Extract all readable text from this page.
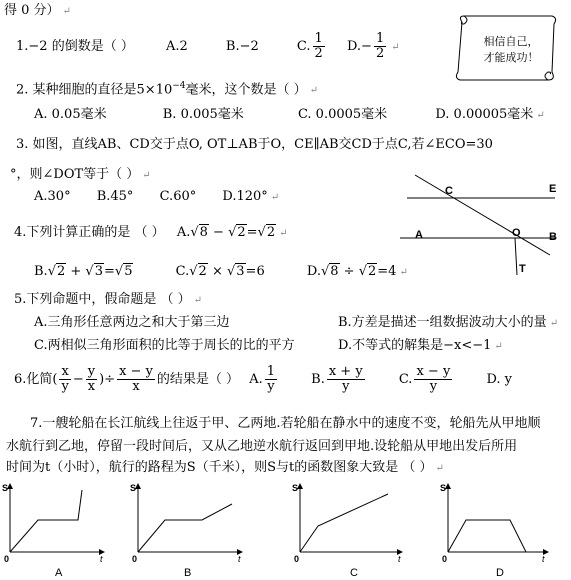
得 0 分） ↵
相信自己，
才能成功！
1.−2 的倒数是（ ） A.2	B.−2	C. $\frac{1}{2} D.- \frac{1}{2}$ ↵
2. 某种细胞的直径是$5\times 10^{-4}$毫米，这个数是（ ） ↵
A. 0.05毫米	B. 0.005毫米	C. 0.0005毫米	D. 0.00005毫米 ↵
3. 如图，直线AB、CD交于点O, OT⊥AB于O，CE∥AB交CD于点C,若∠ECO=30
°，则∠DOT等于（ ） ↵
A.30° B.45° C.60° D.120° ↵
C	E
A	O	B
T
4.下列计算正确的是 （ ） A.√8 − √2=√2 ↵
B.√2 + √3=√5	C.√2 × √3=6	D.√8 ÷ √2=4 ↵
5.下列命题中，假命题是 （ ） ↵
A.三角形任意两边之和大于第三边	B.方差是描述一组数据波动大小的量 ↵
C.两相似三角形面积的比等于周长的比的平方	D.不等式的解集是−x<−1 ↵
6.化简( $\frac{x}{y} - \frac{y}{x}$ )÷ $\frac{x - y}{x}$ 的结果是（ ） A. $\frac{1}{y}$	B. $\frac{x + y}{y}$	C. $\frac{x - y}{y}$	D. y
7.一艘轮船在长江航线上往返于甲、乙两地.若轮船在静水中的速度不变，轮船先从甲地顺
水航行到乙地，停留一段时间后，又从乙地逆水航行返回到甲地.设轮船从甲地出发后所用
时间为t（小时），航行的路程为S（千米），则S与t的函数图象大致是 （ ） ↵
S
0	t
A
S
0	t
B
S
0	t
C
S
0	t
D
